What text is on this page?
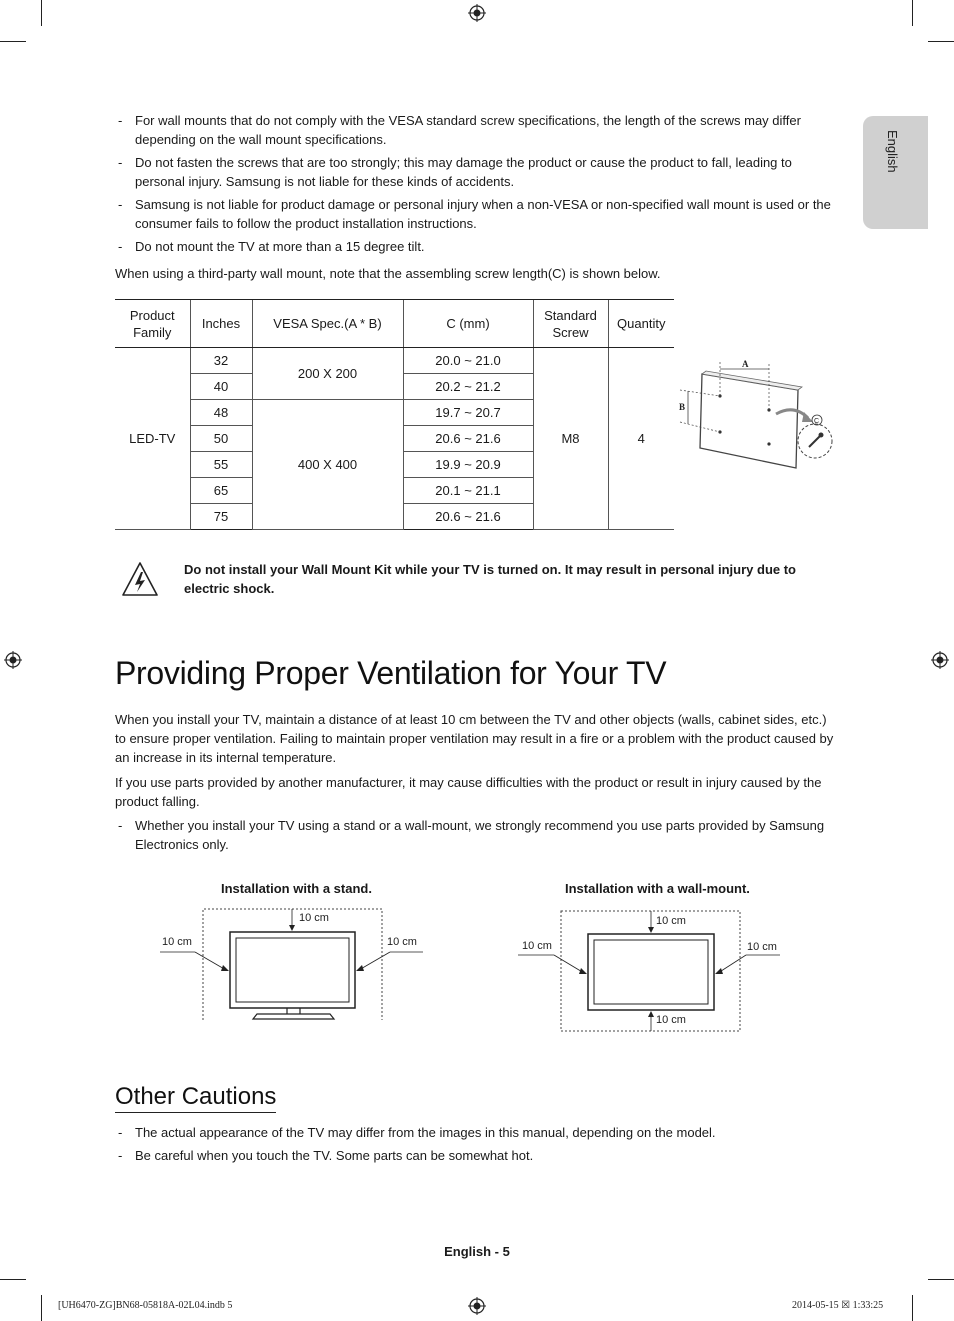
English
- For wall mounts that do not comply with the VESA standard screw specifications, the length of the screws may differ depending on the wall mount specifications.
- Do not fasten the screws that are too strongly; this may damage the product or cause the product to fall, leading to personal injury. Samsung is not liable for these kinds of accidents.
- Samsung is not liable for product damage or personal injury when a non-VESA or non-specified wall mount is used or the consumer fails to follow the product installation instructions.
- Do not mount the TV at more than a 15 degree tilt.
When using a third-party wall mount, note that the assembling screw length(C) is shown below.
Product Family	Inches	VESA Spec.(A * B)	C (mm)	Standard Screw	Quantity
LED-TV	32	200 X 200	20.0 ~ 21.0	M8	4
	40		20.2 ~ 21.2		
	48	400 X 400	19.7 ~ 20.7		
	50		20.6 ~ 21.6		
	55		19.9 ~ 20.9		
	65		20.1 ~ 21.1		
	75		20.6 ~ 21.6		
A
B
C
Do not install your Wall Mount Kit while your TV is turned on. It may result in personal injury due to electric shock.
Providing Proper Ventilation for Your TV
When you install your TV, maintain a distance of at least 10 cm between the TV and other objects (walls, cabinet sides, etc.) to ensure proper ventilation. Failing to maintain proper ventilation may result in a fire or a problem with the product caused by an increase in its internal temperature.
If you use parts provided by another manufacturer, it may cause difficulties with the product or result in injury caused by the product falling.
- Whether you install your TV using a stand or a wall-mount, we strongly recommend you use parts provided by Samsung Electronics only.
Installation with a stand.	Installation with a wall-mount.
10 cm
10 cm	10 cm
10 cm
10 cm	10 cm
10 cm
Other Cautions
- The actual appearance of the TV may differ from the images in this manual, depending on the model.
- Be careful when you touch the TV. Some parts can be somewhat hot.
English - 5
[UH6470-ZG]BN68-05818A-02L04.indb 5	2014-05-15 ☒ 1:33:25
